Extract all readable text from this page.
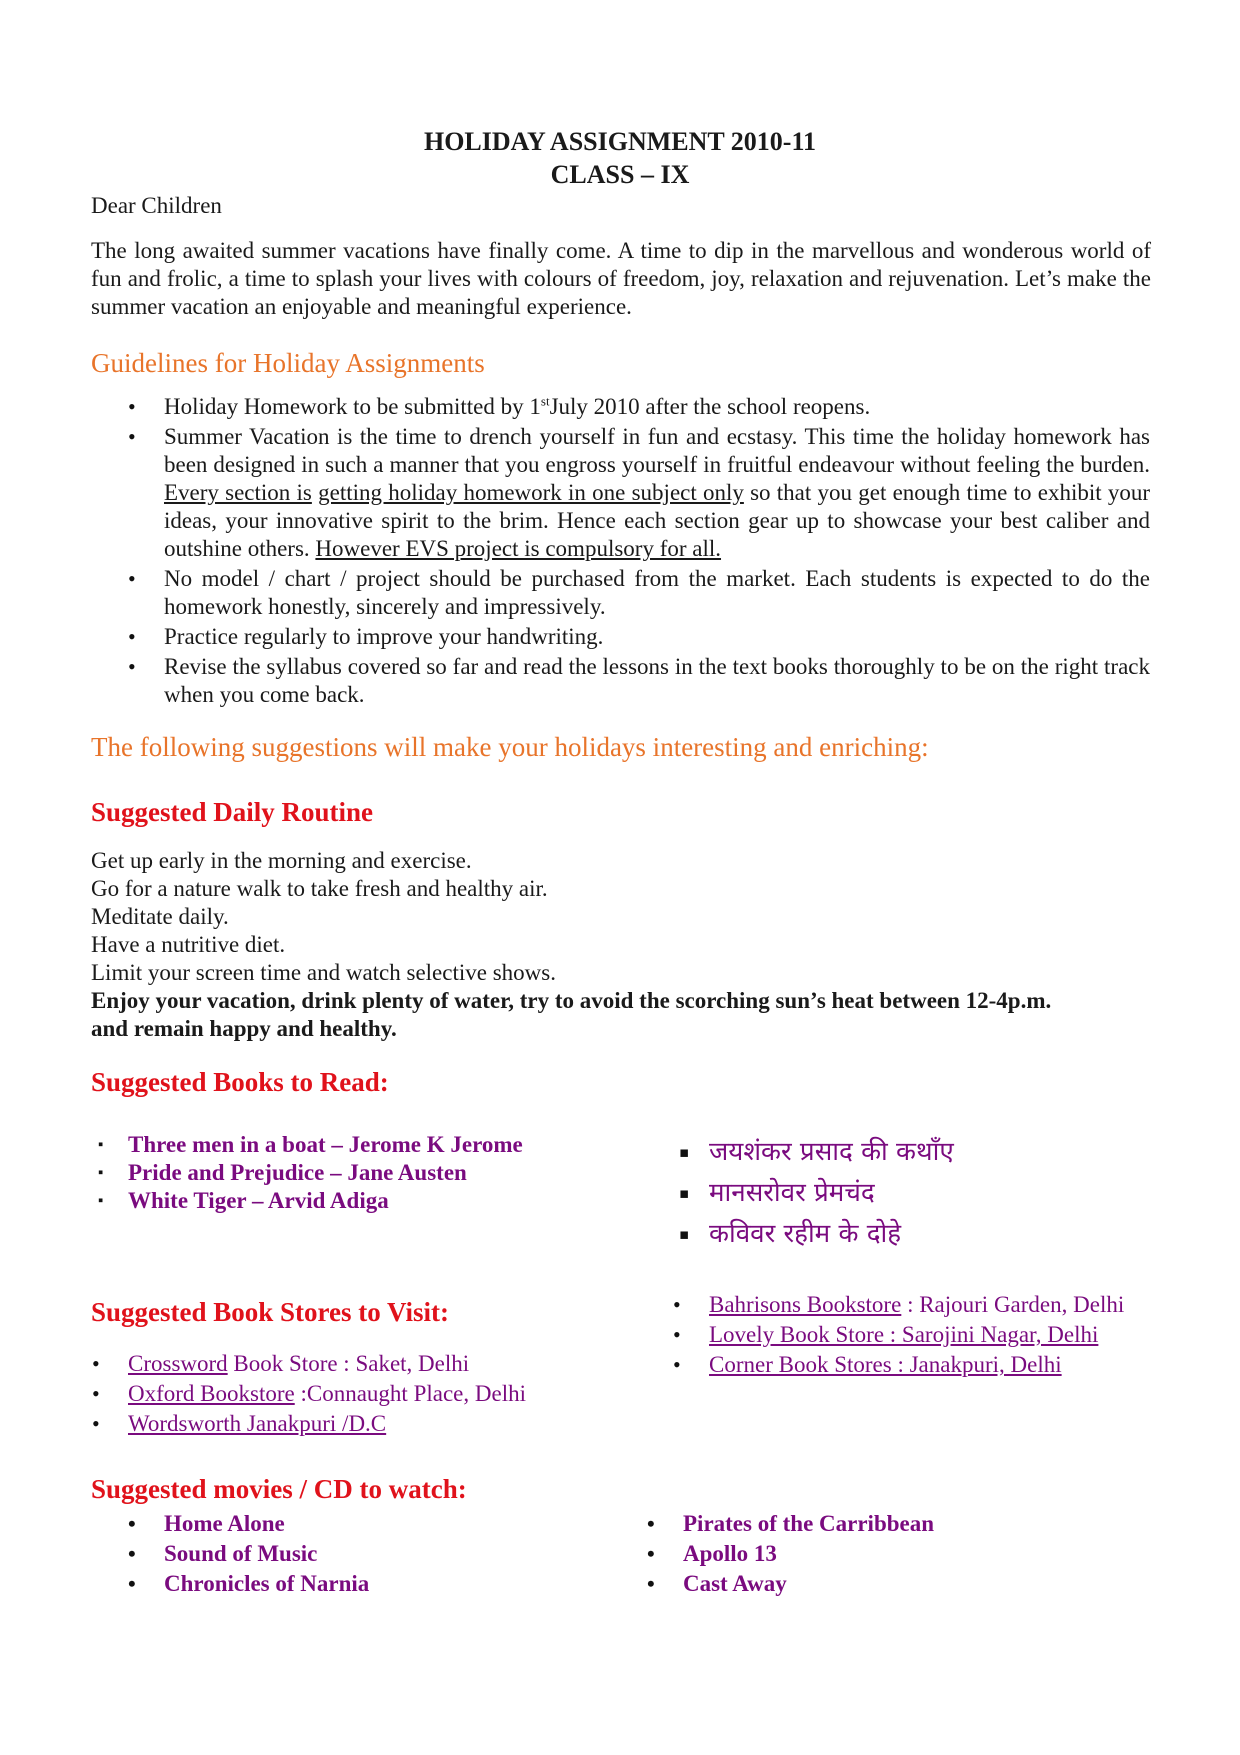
HOLIDAY ASSIGNMENT 2010-11
CLASS – IX
Dear Children
The long awaited summer vacations have finally come. A time to dip in the marvellous and wonderous world of fun and frolic, a time to splash your lives with colours of freedom, joy, relaxation and rejuvenation. Let’s make the summer vacation an enjoyable and meaningful experience.
Guidelines for Holiday Assignments
• Holiday Homework to be submitted by 1stJuly 2010 after the school reopens.
• Summer Vacation is the time to drench yourself in fun and ecstasy. This time the holiday homework has been designed in such a manner that you engross yourself in fruitful endeavour without feeling the burden. Every section is getting holiday homework in one subject only so that you get enough time to exhibit your ideas, your innovative spirit to the brim. Hence each section gear up to showcase your best caliber and outshine others. However EVS project is compulsory for all.
• No model / chart / project should be purchased from the market. Each students is expected to do the homework honestly, sincerely and impressively.
• Practice regularly to improve your handwriting.
• Revise the syllabus covered so far and read the lessons in the text books thoroughly to be on the right track when you come back.
The following suggestions will make your holidays interesting and enriching:
Suggested Daily Routine
Get up early in the morning and exercise.
Go for a nature walk to take fresh and healthy air.
Meditate daily.
Have a nutritive diet.
Limit your screen time and watch selective shows.
Enjoy your vacation, drink plenty of water, try to avoid the scorching sun’s heat between 12-4p.m.
and remain happy and healthy.
Suggested Books to Read:
▪ Three men in a boat – Jerome K Jerome
▪ Pride and Prejudice – Jane Austen
▪ White Tiger – Arvid Adiga
▪ जयशंकर प्रसाद की कथाँए
▪ मानसरोवर प्रेमचंद
▪ कविवर रहीम के दोहे
Suggested Book Stores to Visit:
•	Bahrisons Bookstore : Rajouri Garden, Delhi
• Lovely Book Store : Sarojini Nagar, Delhi
• Corner Book Stores : Janakpuri, Delhi
• Crossword Book Store : Saket, Delhi
• Oxford Bookstore :Connaught Place, Delhi
• Wordsworth Janakpuri /D.C
Suggested movies / CD to watch:
• Home Alone
• Sound of Music
• Chronicles of Narnia
• Pirates of the Carribbean
• Apollo 13
• Cast Away
